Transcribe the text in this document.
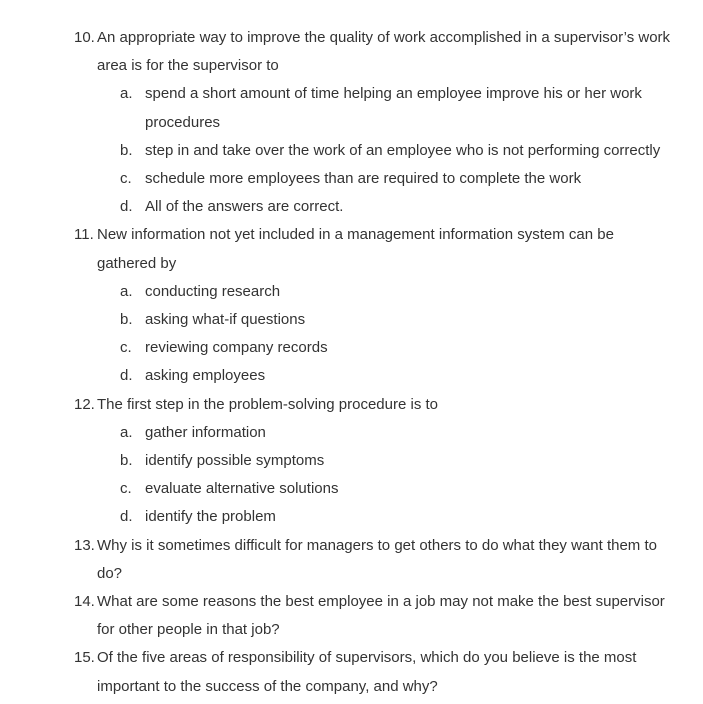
10. An appropriate way to improve the quality of work accomplished in a supervisor’s work area is for the supervisor to
a. spend a short amount of time helping an employee improve his or her work procedures
b. step in and take over the work of an employee who is not performing correctly
c. schedule more employees than are required to complete the work
d. All of the answers are correct.
11. New information not yet included in a management information system can be gathered by
a. conducting research
b. asking what-if questions
c. reviewing company records
d. asking employees
12. The first step in the problem-solving procedure is to
a. gather information
b. identify possible symptoms
c. evaluate alternative solutions
d. identify the problem
13. Why is it sometimes difficult for managers to get others to do what they want them to do?
14. What are some reasons the best employee in a job may not make the best supervisor for other people in that job?
15. Of the five areas of responsibility of supervisors, which do you believe is the most important to the success of the company, and why?
